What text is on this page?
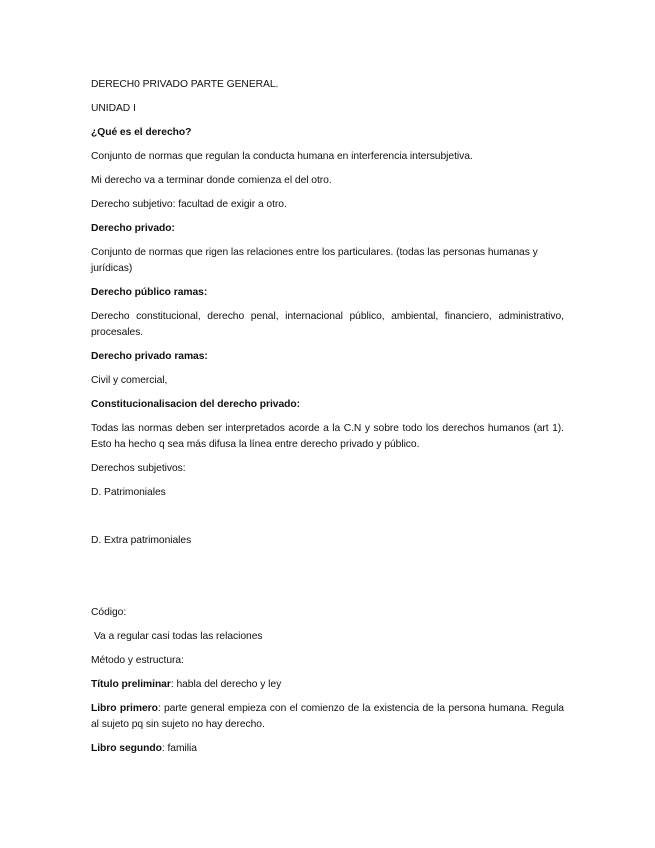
DERECH0 PRIVADO PARTE GENERAL.
UNIDAD I
¿Qué es el derecho?
Conjunto de normas que regulan la conducta humana en interferencia intersubjetiva.
Mi derecho va a terminar donde comienza el del otro.
Derecho subjetivo: facultad de exigir a otro.
Derecho privado:
Conjunto de normas que rigen las relaciones entre los particulares. (todas las personas humanas y jurídicas)
Derecho público ramas:
Derecho constitucional, derecho penal, internacional público, ambiental, financiero, administrativo, procesales.
Derecho privado ramas:
Civil y comercial,
Constitucionalisacion del derecho privado:
Todas las normas deben ser interpretados acorde a la C.N y sobre todo los derechos humanos (art 1). Esto ha hecho q sea más difusa la línea entre derecho privado y público.
Derechos subjetivos:
D. Patrimoniales
D. Extra patrimoniales
Código:
Va a regular casi todas las relaciones
Método y estructura:
Título preliminar: habla del derecho y ley
Libro primero: parte general empieza con el comienzo de la existencia de la persona humana. Regula al sujeto pq sin sujeto no hay derecho.
Libro segundo: familia
